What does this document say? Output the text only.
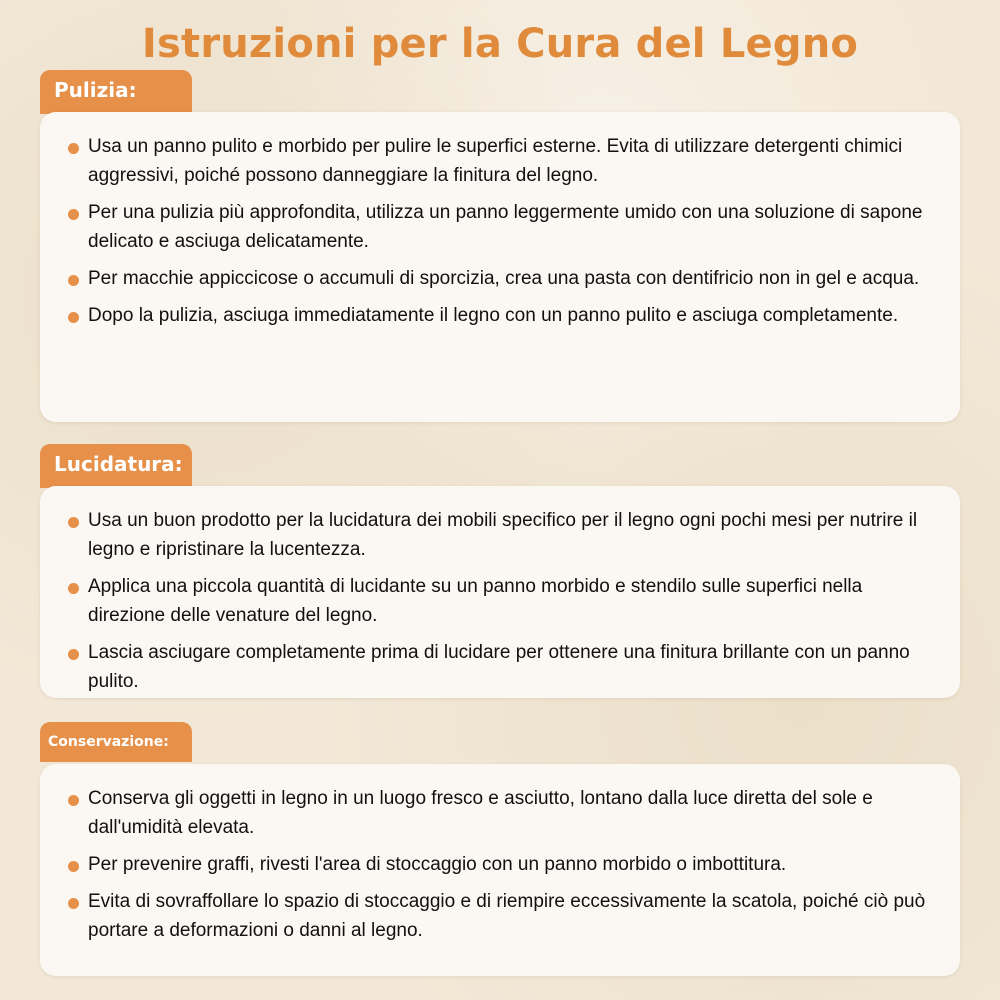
Istruzioni per la Cura del Legno
Pulizia:
Usa un panno pulito e morbido per pulire le superfici esterne. Evita di utilizzare detergenti chimici aggressivi, poiché possono danneggiare la finitura del legno.
Per una pulizia più approfondita, utilizza un panno leggermente umido con una soluzione di sapone delicato e asciuga delicatamente.
Per macchie appiccicose o accumuli di sporcizia, crea una pasta con dentifricio non in gel e acqua.
Dopo la pulizia, asciuga immediatamente il legno con un panno pulito e asciuga completamente.
Lucidatura:
Usa un buon prodotto per la lucidatura dei mobili specifico per il legno ogni pochi mesi per nutrire il legno e ripristinare la lucentezza.
Applica una piccola quantità di lucidante su un panno morbido e stendilo sulle superfici nella direzione delle venature del legno.
Lascia asciugare completamente prima di lucidare per ottenere una finitura brillante con un panno pulito.
Conservazione:
Conserva gli oggetti in legno in un luogo fresco e asciutto, lontano dalla luce diretta del sole e dall'umidità elevata.
Per prevenire graffi, rivesti l'area di stoccaggio con un panno morbido o imbottitura.
Evita di sovraffollare lo spazio di stoccaggio e di riempire eccessivamente la scatola, poiché ciò può portare a deformazioni o danni al legno.
